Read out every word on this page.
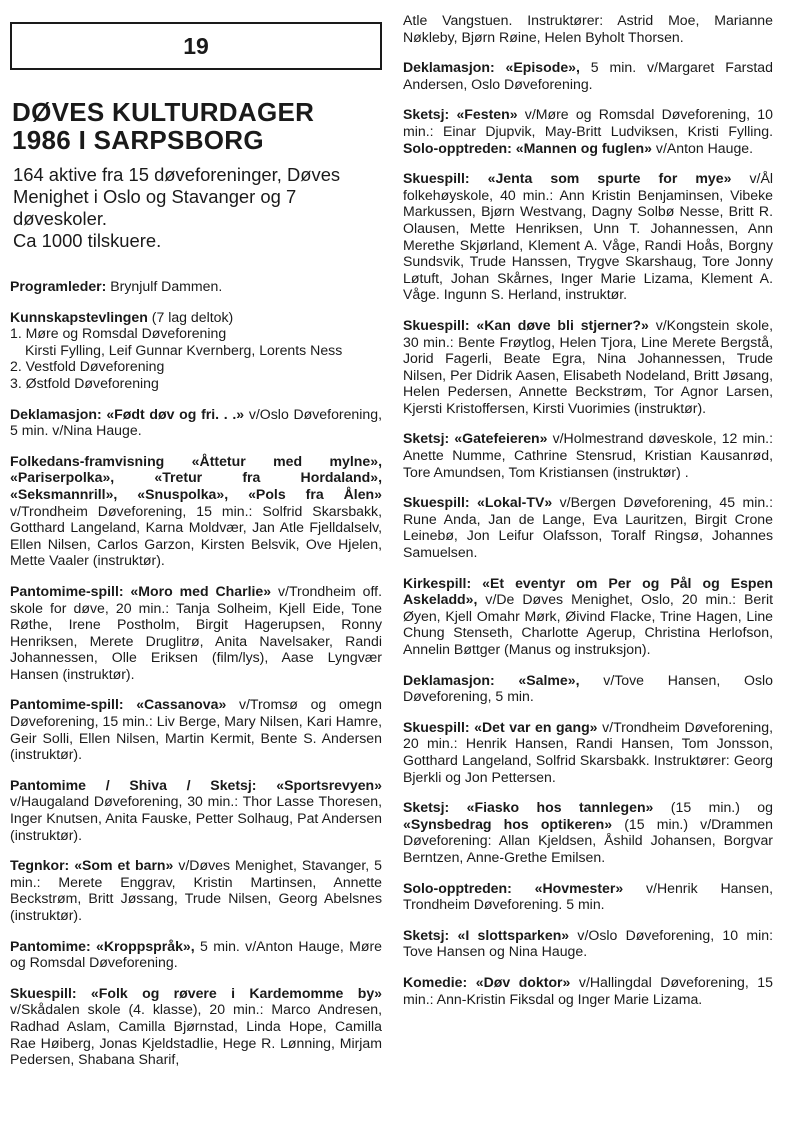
19
DØVES KULTURDAGER
1986 I SARPSBORG

164 aktive fra 15 døveforeninger, Døves Menighet i Oslo og Stavanger og 7 døveskoler.

Ca 1000 tilskuere.

Programleder: Brynjulf Dammen.

Kunnskapstevlingen (7 lag deltok)

1. Møre og Romsdal Døveforening
Kirsti Fylling, Leif Gunnar Kvernberg, Lorents Ness
2. Vestfold Døveforening
3. Østfold Døveforening

Deklamasjon: «Født døv og fri. . .» v/Oslo Døveforening, 5 min. v/Nina Hauge.

Folkedans-framvisning «Åttetur med mylne», «Pariserpolka», «Tretur fra Hordaland», «Seksmannrill», «Snuspolka», «Pols fra Ålen» v/Trondheim Døveforening, 15 min.: Solfrid Skarsbakk, Gotthard Langeland, Karna Moldvær, Jan Atle Fjelldalselv, Ellen Nilsen, Carlos Garzon, Kirsten Belsvik, Ove Hjelen, Mette Vaaler (instruktør).

Pantomime-spill: «Moro med Charlie» v/Trondheim off. skole for døve, 20 min.: Tanja Solheim, Kjell Eide, Tone Røthe, Irene Postholm, Birgit Hagerupsen, Ronny Henriksen, Merete Druglitrø, Anita Navelsaker, Randi Johannessen, Olle Eriksen (film/lys), Aase Lyngvær Hansen (instruktør).

Pantomime-spill: «Cassanova» v/Tromsø og omegn Døveforening, 15 min.: Liv Berge, Mary Nilsen, Kari Hamre, Geir Solli, Ellen Nilsen, Martin Kermit, Bente S. Andersen (instruktør).

Pantomime / Shiva / Sketsj: «Sportsrevyen» v/Haugaland Døveforening, 30 min.: Thor Lasse Thoresen, Inger Knutsen, Anita Fauske, Petter Solhaug, Pat Andersen (instruktør).

Tegnkor: «Som et barn» v/Døves Menighet, Stavanger, 5 min.: Merete Enggrav, Kristin Martinsen, Annette Beckstrøm, Britt Jøssang, Trude Nilsen, Georg Abelsnes (instruktør).

Pantomime: «Kroppspråk», 5 min. v/Anton Hauge, Møre og Romsdal Døveforening.

Skuespill: «Folk og røvere i Kardemomme by» v/Skådalen skole (4. klasse), 20 min.: Marco Andresen, Radhad Aslam, Camilla Bjørnstad, Linda Hope, Camilla Rae Høiberg, Jonas Kjeldstadlie, Hege R. Lønning, Mirjam Pedersen, Shabana Sharif,

Atle Vangstuen. Instruktører: Astrid Moe, Marianne Nøkleby, Bjørn Røine, Helen Byholt Thorsen.

Deklamasjon: «Episode», 5 min. v/Margaret Farstad Andersen, Oslo Døveforening.

Sketsj: «Festen» v/Møre og Romsdal Døveforening, 10 min.: Einar Djupvik, May-Britt Ludviksen, Kristi Fylling. Solo-opptreden: «Mannen og fuglen» v/Anton Hauge.

Skuespill: «Jenta som spurte for mye» v/Ål folkehøyskole, 40 min.: Ann Kristin Benjaminsen, Vibeke Markussen, Bjørn Westvang, Dagny Solbø Nesse, Britt R. Olausen, Mette Henriksen, Unn T. Johannessen, Ann Merethe Skjørland, Klement A. Våge, Randi Hoås, Borgny Sundsvik, Trude Hanssen, Trygve Skarshaug, Tore Jonny Løtuft, Johan Skårnes, Inger Marie Lizama, Klement A. Våge. Ingunn S. Herland, instruktør.

Skuespill: «Kan døve bli stjerner?» v/Kongstein skole, 30 min.: Bente Frøytlog, Helen Tjora, Line Merete Bergstå, Jorid Fagerli, Beate Egra, Nina Johannessen, Trude Nilsen, Per Didrik Aasen, Elisabeth Nodeland, Britt Jøsang, Helen Pedersen, Annette Beckstrøm, Tor Agnor Larsen, Kjersti Kristoffersen, Kirsti Vuorimies (instruktør).

Sketsj: «Gatefeieren» v/Holmestrand døveskole, 12 min.: Anette Numme, Cathrine Stensrud, Kristian Kausanrød, Tore Amundsen, Tom Kristiansen (instruktør) .

Skuespill: «Lokal-TV» v/Bergen Døveforening, 45 min.: Rune Anda, Jan de Lange, Eva Lauritzen, Birgit Crone Leinebø, Jon Leifur Olafsson, Toralf Ringsø, Johannes Samuelsen.

Kirkespill: «Et eventyr om Per og Pål og Espen Askeladd», v/De Døves Menighet, Oslo, 20 min.: Berit Øyen, Kjell Omahr Mørk, Øivind Flacke, Trine Hagen, Line Chung Stenseth, Charlotte Agerup, Christina Herlofson, Annelin Bøttger (Manus og instruksjon).

Deklamasjon: «Salme», v/Tove Hansen, Oslo Døveforening, 5 min.

Skuespill: «Det var en gang» v/Trondheim Døveforening, 20 min.: Henrik Hansen, Randi Hansen, Tom Jonsson, Gotthard Langeland, Solfrid Skarsbakk. Instruktører: Georg Bjerkli og Jon Pettersen.

Sketsj: «Fiasko hos tannlegen» (15 min.) og «Synsbedrag hos optikeren» (15 min.) v/Drammen Døveforening: Allan Kjeldsen, Åshild Johansen, Borgvar Berntzen, Anne-Grethe Emilsen.

Solo-opptreden: «Hovmester» v/Henrik Hansen, Trondheim Døveforening. 5 min.

Sketsj: «I slottsparken» v/Oslo Døveforening, 10 min: Tove Hansen og Nina Hauge.

Komedie: «Døv doktor» v/Hallingdal Døveforening, 15 min.: Ann-Kristin Fiksdal og Inger Marie Lizama.
